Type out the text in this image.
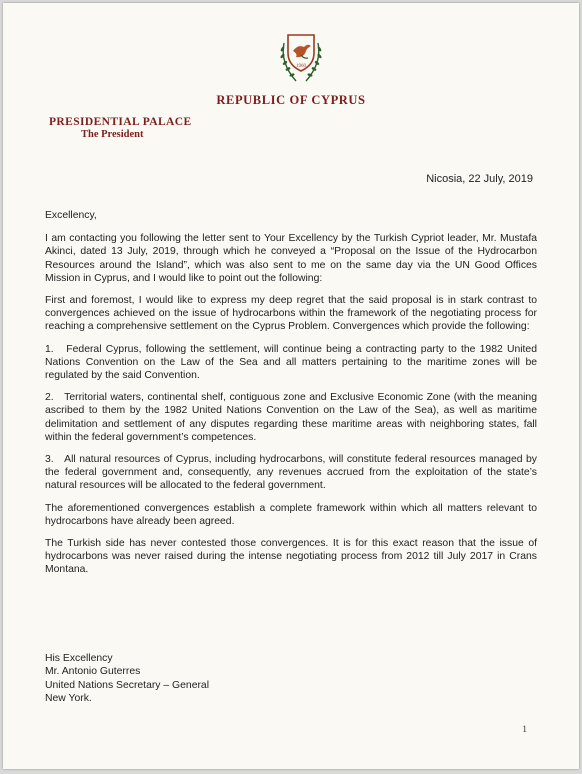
1960
REPUBLIC OF CYPRUS
PRESIDENTIAL PALACE
The President
Nicosia, 22 July, 2019

Excellency,

I am contacting you following the letter sent to Your Excellency by the Turkish Cypriot leader, Mr. Mustafa Akinci, dated 13 July, 2019, through which he conveyed a “Proposal on the Issue of the Hydrocarbon Resources around the Island”, which was also sent to me on the same day via the UN Good Offices Mission in Cyprus, and I would like to point out the following:

First and foremost, I would like to express my deep regret that the said proposal is in stark contrast to convergences achieved on the issue of hydrocarbons within the framework of the negotiating process for reaching a comprehensive settlement on the Cyprus Problem. Convergences which provide the following:

1.   Federal Cyprus, following the settlement, will continue being a contracting party to the 1982 United Nations Convention on the Law of the Sea and all matters pertaining to the maritime zones will be regulated by the said Convention.

2.   Territorial waters, continental shelf, contiguous zone and Exclusive Economic Zone (with the meaning ascribed to them by the 1982 United Nations Convention on the Law of the Sea), as well as maritime delimitation and settlement of any disputes regarding these maritime areas with neighboring states, fall within the federal government’s competences.

3.   All natural resources of Cyprus, including hydrocarbons, will constitute federal resources managed by the federal government and, consequently, any revenues accrued from the exploitation of the state’s natural resources will be allocated to the federal government.

The aforementioned convergences establish a complete framework within which all matters relevant to hydrocarbons have already been agreed.

The Turkish side has never contested those convergences. It is for this exact reason that the issue of hydrocarbons was never raised during the intense negotiating process from 2012 till July 2017 in Crans Montana.

His Excellency
Mr. Antonio Guterres
United Nations Secretary – General
New York.
1
